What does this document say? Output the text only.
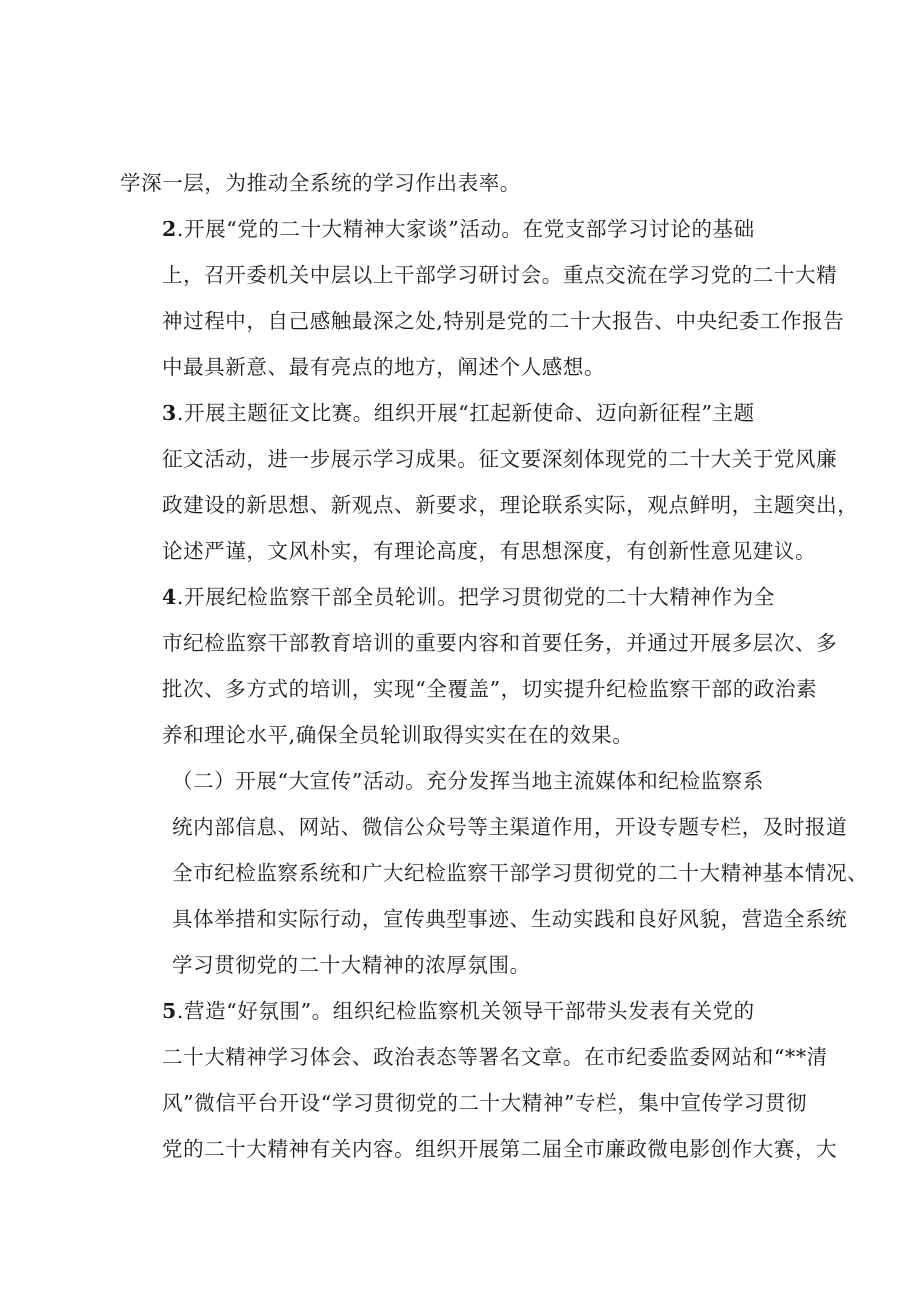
学深一层，为推动全系统的学习作出表率。

2.开展“党的二十大精神大家谈”活动。在党支部学习讨论的基础
上，召开委机关中层以上干部学习研讨会。重点交流在学习党的二十大精
神过程中，自己感触最深之处,特别是党的二十大报告、中央纪委工作报告
中最具新意、最有亮点的地方，阐述个人感想。

3.开展主题征文比赛。组织开展“扛起新使命、迈向新征程”主题
征文活动，进一步展示学习成果。征文要深刻体现党的二十大关于党风廉
政建设的新思想、新观点、新要求，理论联系实际，观点鲜明，主题突出，
论述严谨，文风朴实，有理论高度，有思想深度，有创新性意见建议。

4.开展纪检监察干部全员轮训。把学习贯彻党的二十大精神作为全
市纪检监察干部教育培训的重要内容和首要任务，并通过开展多层次、多
批次、多方式的培训，实现“全覆盖”，切实提升纪检监察干部的政治素
养和理论水平,确保全员轮训取得实实在在的效果。

（二）开展“大宣传”活动。充分发挥当地主流媒体和纪检监察系
统内部信息、网站、微信公众号等主渠道作用，开设专题专栏，及时报道
全市纪检监察系统和广大纪检监察干部学习贯彻党的二十大精神基本情况、
具体举措和实际行动，宣传典型事迹、生动实践和良好风貌，营造全系统
学习贯彻党的二十大精神的浓厚氛围。

5.营造“好氛围”。组织纪检监察机关领导干部带头发表有关党的
二十大精神学习体会、政治表态等署名文章。在市纪委监委网站和“**清
风”微信平台开设“学习贯彻党的二十大精神”专栏，集中宣传学习贯彻
党的二十大精神有关内容。组织开展第二届全市廉政微电影创作大赛，大
